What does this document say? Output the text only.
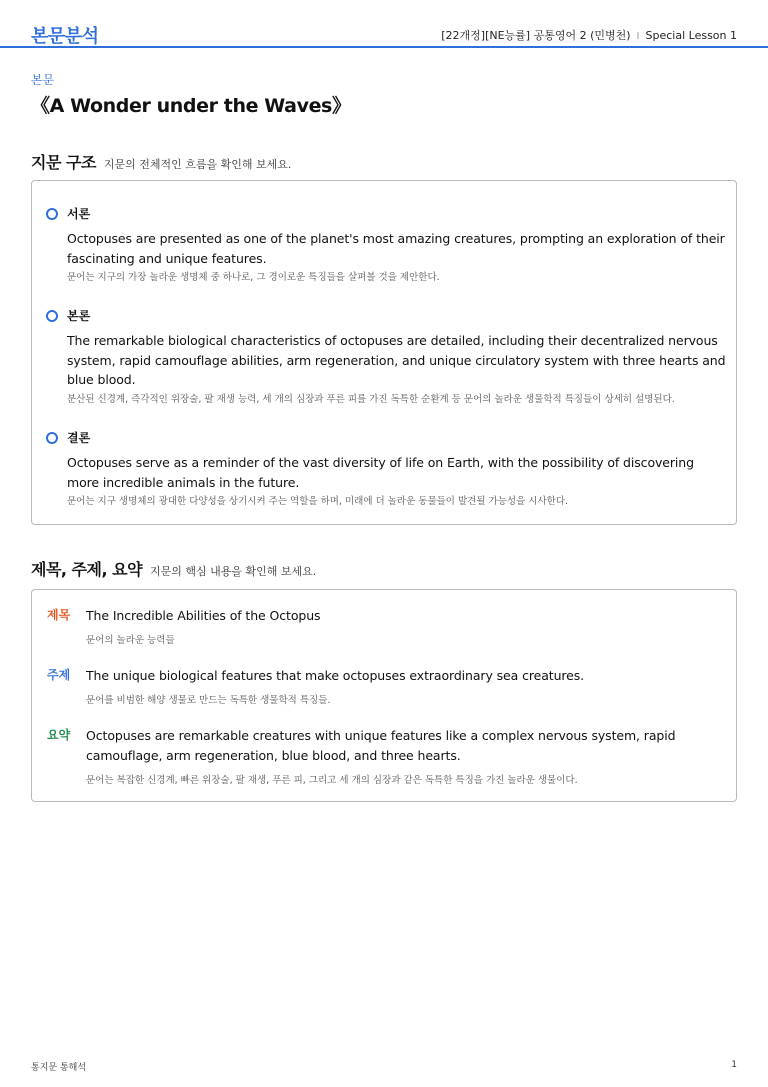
본문분석	[22개정][NE능률] 공통영어 2 (민병천) I Special Lesson 1
본문
《A Wonder under the Waves》
지문 구조 지문의 전체적인 흐름을 확인해 보세요.
서론
Octopuses are presented as one of the planet's most amazing creatures, prompting an exploration of their fascinating and unique features.
문어는 지구의 가장 놀라운 생명체 중 하나로, 그 경이로운 특징들을 살펴볼 것을 제안한다.
본론
The remarkable biological characteristics of octopuses are detailed, including their decentralized nervous system, rapid camouflage abilities, arm regeneration, and unique circulatory system with three hearts and blue blood.
분산된 신경계, 즉각적인 위장술, 팔 재생 능력, 세 개의 심장과 푸른 피를 가진 독특한 순환계 등 문어의 놀라운 생물학적 특징들이 상세히 설명된다.
결론
Octopuses serve as a reminder of the vast diversity of life on Earth, with the possibility of discovering more incredible animals in the future.
문어는 지구 생명체의 광대한 다양성을 상기시켜 주는 역할을 하며, 미래에 더 놀라운 동물들이 발견될 가능성을 시사한다.
제목, 주제, 요약 지문의 핵심 내용을 확인해 보세요.
제목 The Incredible Abilities of the Octopus
문어의 놀라운 능력들
주제 The unique biological features that make octopuses extraordinary sea creatures.
문어를 비범한 해양 생물로 만드는 독특한 생물학적 특징들.
요약 Octopuses are remarkable creatures with unique features like a complex nervous system, rapid camouflage, arm regeneration, blue blood, and three hearts.
문어는 복잡한 신경계, 빠른 위장술, 팔 재생, 푸른 피, 그리고 세 개의 심장과 같은 독특한 특징을 가진 놀라운 생물이다.
통지문 통해석	1
